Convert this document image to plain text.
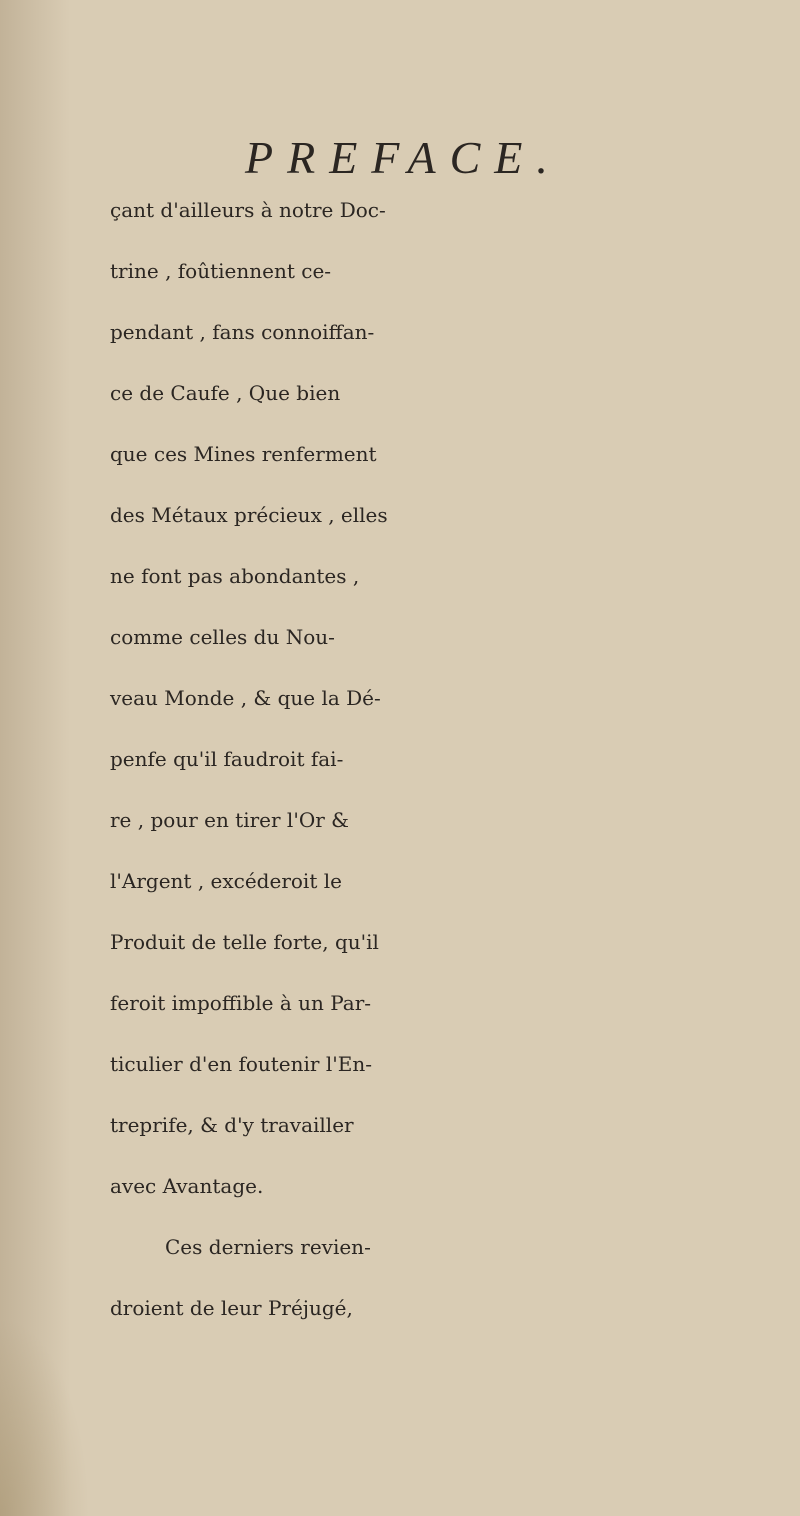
PREFACE.
çant d'ailleurs à notre Doc-
trine , foûtiennent ce-
pendant , fans connoiffan-
ce de Caufe , Que bien
que ces Mines renferment
des Métaux précieux , elles
ne font pas abondantes ,
comme celles du Nou-
veau Monde , & que la Dé-
penfe qu'il faudroit fai-
re , pour en tirer l'Or &
l'Argent , excéderoit le
Produit de telle forte, qu'il
feroit impoffible à un Par-
ticulier d'en foutenir l'En-
treprife, & d'y travailler
avec Avantage.
Ces derniers revien-
droient de leur Préjugé,
